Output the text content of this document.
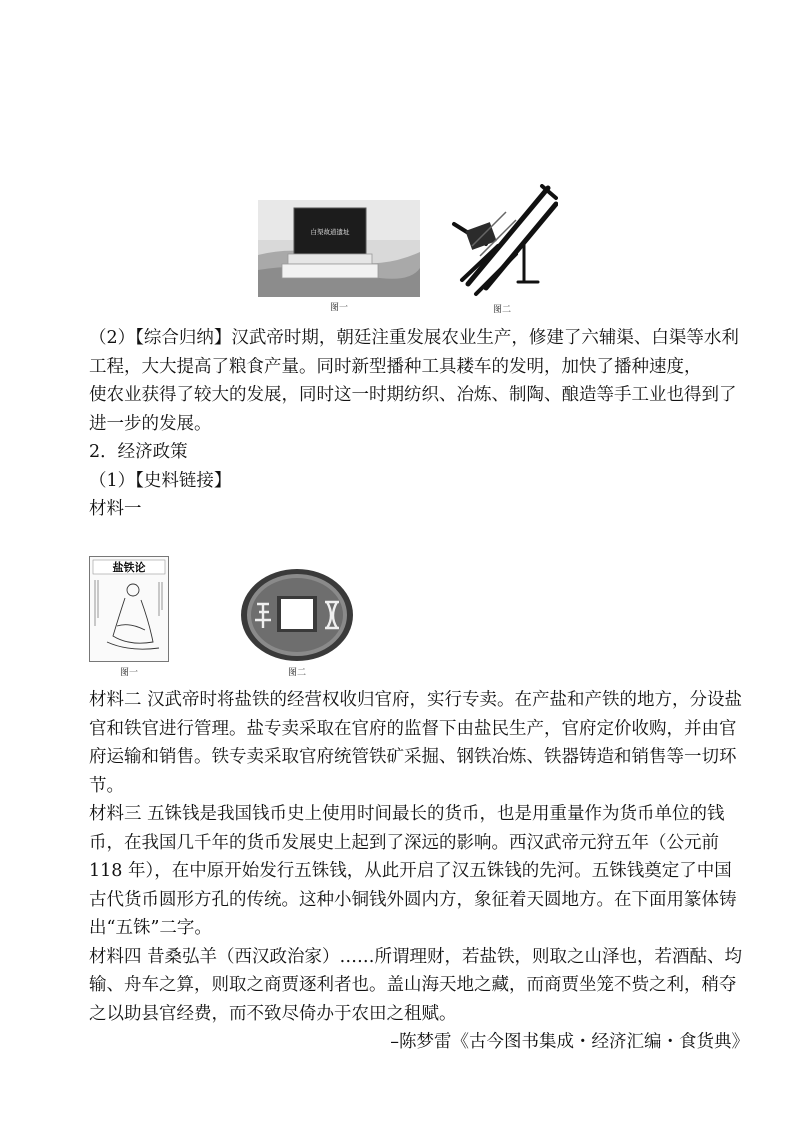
白渠故道遗址
图一	图二

（2）【综合归纳】汉武帝时期，朝廷注重发展农业生产，修建了六辅渠、白渠等水利工程，大大提高了粮食产量。同时新型播种工具耧车的发明，加快了播种速度，

使农业获得了较大的发展，同时这一时期纺织、冶炼、制陶、酿造等手工业也得到了进一步的发展。

2．经济政策

（1）【史料链接】

材料一

盐铁论
图一	图二

材料二 汉武帝时将盐铁的经营权收归官府，实行专卖。在产盐和产铁的地方，分设盐官和铁官进行管理。盐专卖采取在官府的监督下由盐民生产，官府定价收购，并由官府运输和销售。铁专卖采取官府统管铁矿采掘、钢铁冶炼、铁器铸造和销售等一切环节。

材料三 五铢钱是我国钱币史上使用时间最长的货币，也是用重量作为货币单位的钱币，在我国几千年的货币发展史上起到了深远的影响。西汉武帝元狩五年（公元前 118 年），在中原开始发行五铢钱，从此开启了汉五铢钱的先河。五铢钱奠定了中国古代货币圆形方孔的传统。这种小铜钱外圆内方，象征着天圆地方。在下面用篆体铸出“五铢”二字。

材料四 昔桑弘羊（西汉政治家）……所谓理财，若盐铁，则取之山泽也，若酒酤、均输、舟车之算，则取之商贾逐利者也。盖山海天地之藏，而商贾坐笼不赀之利，稍夺之以助县官经费，而不致尽倚办于农田之租赋。

–陈梦雷《古今图书集成・经济汇编・食货典》
